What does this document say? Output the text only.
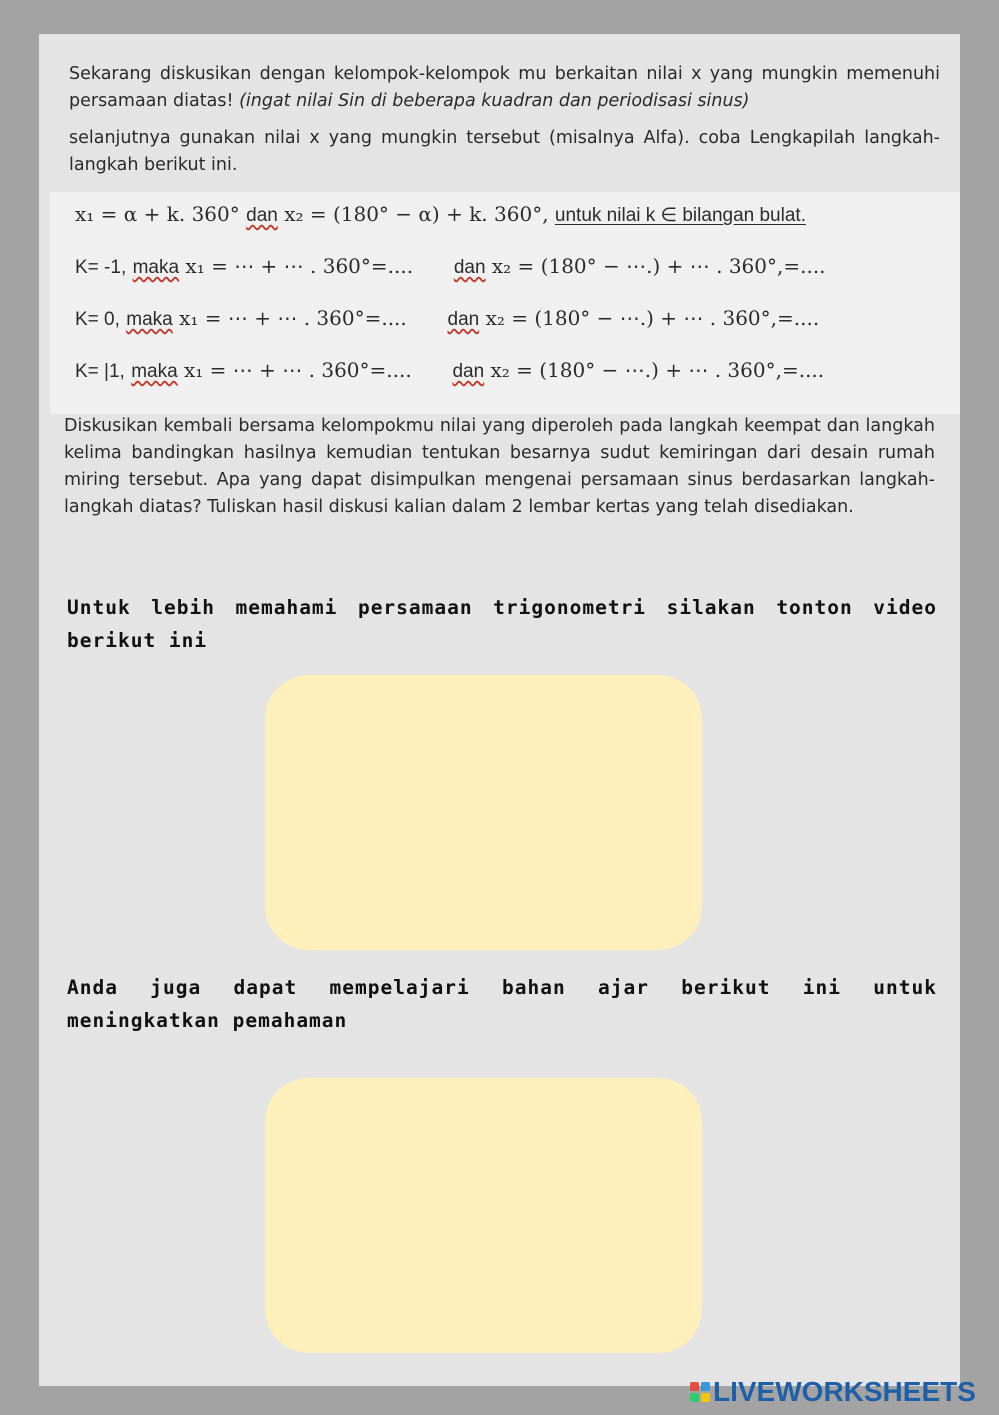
Sekarang diskusikan dengan kelompok-kelompok mu berkaitan nilai x yang mungkin memenuhi persamaan diatas! (ingat nilai Sin di beberapa kuadran dan periodisasi sinus)
selanjutnya gunakan nilai x yang mungkin tersebut (misalnya Alfa). coba Lengkapilah langkah-langkah berikut ini.
x₁ = α + k. 360° dan x₂ = (180° − α) + k. 360°, untuk nilai k ∈ bilangan bulat.
K= -1, maka x₁ = ⋯ + ⋯ . 360°=.... dan x₂ = (180° − ⋯.) + ⋯ . 360°,=....
K= 0, maka x₁ = ⋯ + ⋯ . 360°=.... dan x₂ = (180° − ⋯.) + ⋯ . 360°,=....
K= |1, maka x₁ = ⋯ + ⋯ . 360°=.... dan x₂ = (180° − ⋯.) + ⋯ . 360°,=....
Diskusikan kembali bersama kelompokmu nilai yang diperoleh pada langkah keempat dan langkah kelima bandingkan hasilnya kemudian tentukan besarnya sudut kemiringan dari desain rumah miring tersebut. Apa yang dapat disimpulkan mengenai persamaan sinus berdasarkan langkah-langkah diatas? Tuliskan hasil diskusi kalian dalam 2 lembar kertas yang telah disediakan.
Untuk lebih memahami persamaan trigonometri silakan tonton video berikut ini
Anda juga dapat mempelajari bahan ajar berikut ini untuk meningkatkan pemahaman
LIVEWORKSHEETS
